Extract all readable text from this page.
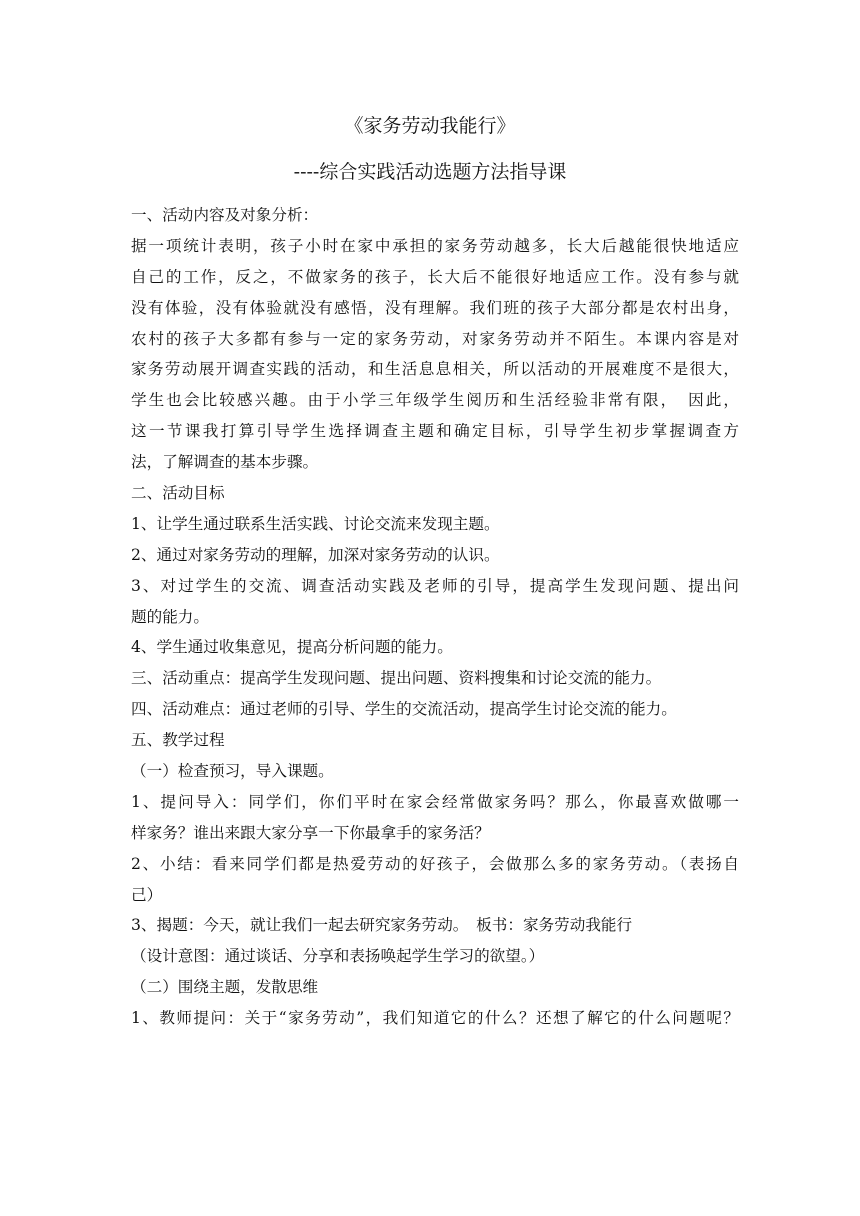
《家务劳动我能行》
----综合实践活动选题方法指导课
一、活动内容及对象分析：
据一项统计表明，孩子小时在家中承担的家务劳动越多，长大后越能很快地适应
自己的工作，反之，不做家务的孩子，长大后不能很好地适应工作。没有参与就
没有体验，没有体验就没有感悟，没有理解。我们班的孩子大部分都是农村出身，
农村的孩子大多都有参与一定的家务劳动，对家务劳动并不陌生。本课内容是对
家务劳动展开调查实践的活动，和生活息息相关，所以活动的开展难度不是很大，
学生也会比较感兴趣。由于小学三年级学生阅历和生活经验非常有限，　因此，
这一节课我打算引导学生选择调查主题和确定目标，引导学生初步掌握调查方
法，了解调查的基本步骤。
二、活动目标
1、让学生通过联系生活实践、讨论交流来发现主题。
2、通过对家务劳动的理解，加深对家务劳动的认识。
3、对过学生的交流、调查活动实践及老师的引导，提高学生发现问题、提出问
题的能力。
4、学生通过收集意见，提高分析问题的能力。
三、活动重点：提高学生发现问题、提出问题、资料搜集和讨论交流的能力。
四、活动难点：通过老师的引导、学生的交流活动，提高学生讨论交流的能力。
五、教学过程
（一）检查预习，导入课题。
1、提问导入：同学们，你们平时在家会经常做家务吗？那么，你最喜欢做哪一
样家务？谁出来跟大家分享一下你最拿手的家务活？
2、小结：看来同学们都是热爱劳动的好孩子，会做那么多的家务劳动。（表扬自
己）
3、揭题：今天，就让我们一起去研究家务劳动。　板书：家务劳动我能行
（设计意图：通过谈话、分享和表扬唤起学生学习的欲望。）
（二）围绕主题，发散思维
1、教师提问：关于“家务劳动”，我们知道它的什么？还想了解它的什么问题呢？
